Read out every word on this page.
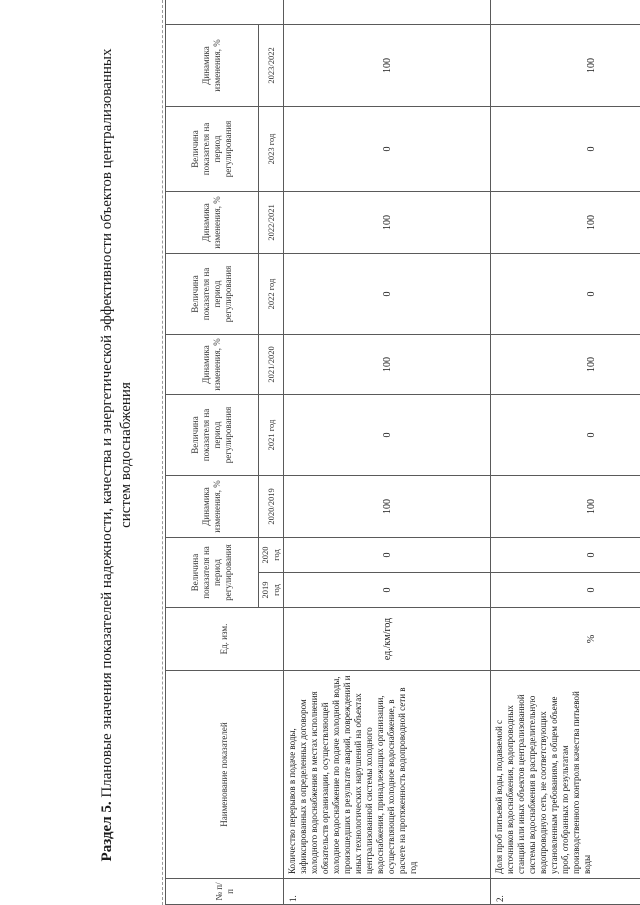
Раздел 5. Плановые значения показателей надежности, качества и энергетической эффективности объектов централизованных систем водоснабжения
№ п/п	Наименование показателей	Ед. изм.	Величина показателя на период регулирования		Динамика изменения, %	Величина показателя на период регулирования	Динамика изменения, %	Величина показателя на период регулирования	Динамика изменения, %	Величина показателя на период регулирования	Динамика изменения, %	
			2019 год	2020 год	2020/2019	2021 год	2021/2020	2022 год	2022/2021	2023 год	2023/2022	
1.	Количество перерывов в подаче воды, зафиксированных в определенных договором холодного водоснабжения в местах исполнения обязательств организации, осуществляющей холодное водоснабжение по подаче холодной воды, произошедших в результате аварий, повреждений и иных технологических нарушений на объектах централизованной системы холодного водоснабжения, принадлежащих организации, осуществляющей холодное водоснабжение, в расчете на протяженность водопроводной сети в год	ед./км/год	0	0	100	0	100	0	100	0	100	
2.	Доля проб питьевой воды, подаваемой с источников водоснабжения, водопроводных станций или иных объектов централизованной системы водоснабжения в распределительную водопроводную сеть, не соответствующих установленным требованиям, в общем объеме проб, отобранных по результатам производственного контроля качества питьевой воды	%	0	0	100	0	100	0	100	0	100	
